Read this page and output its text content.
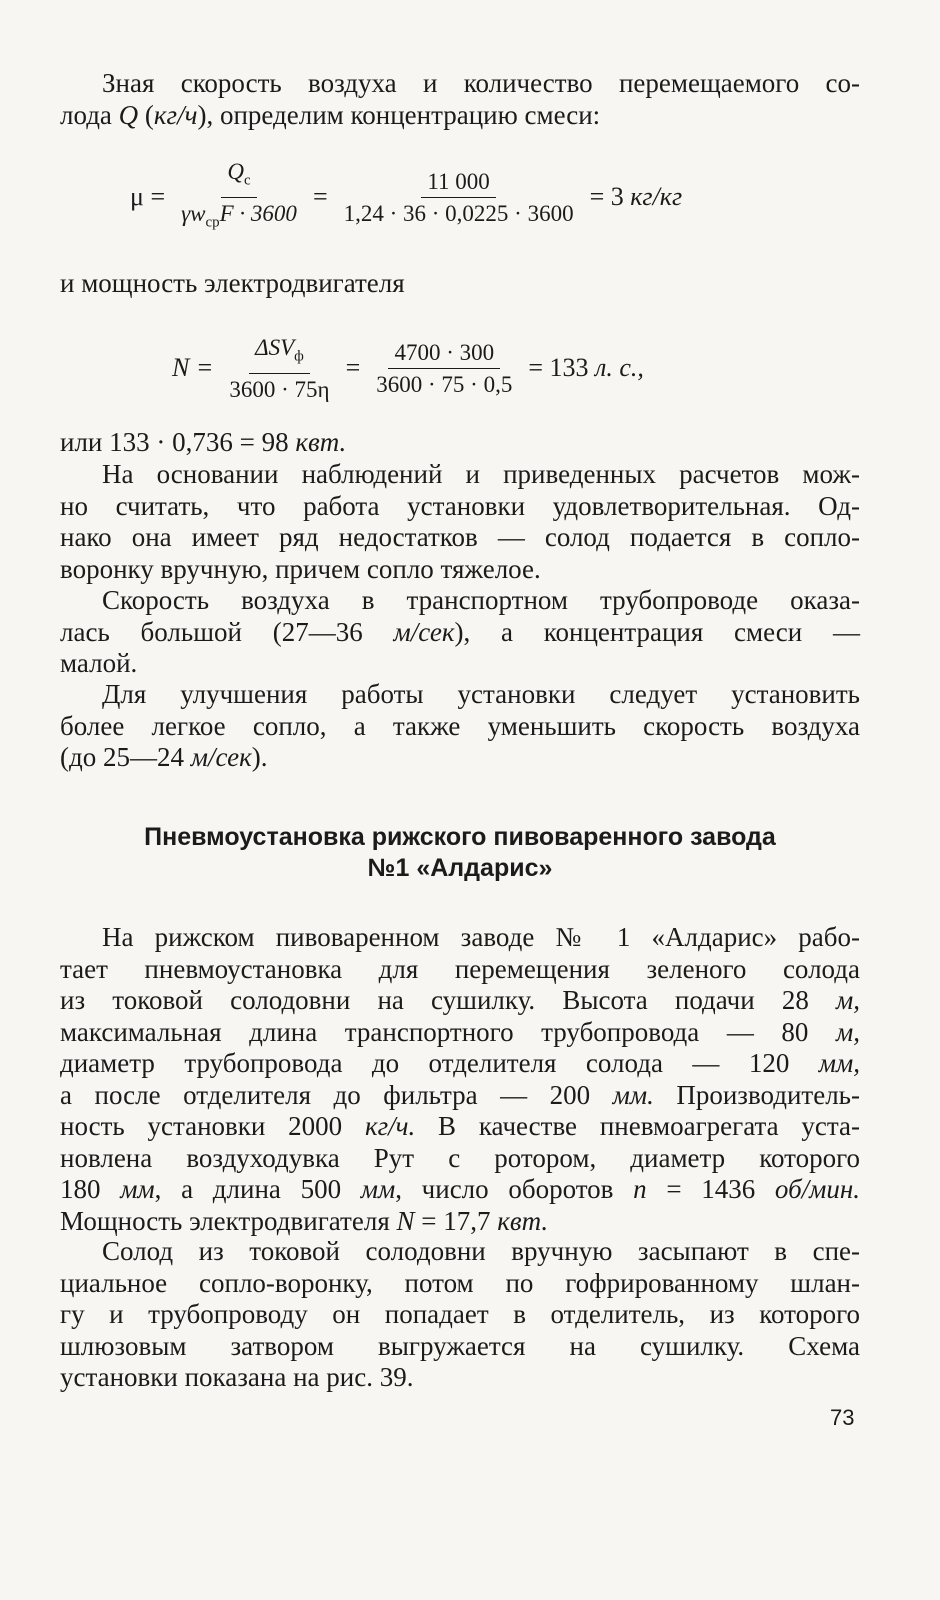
Зная скорость воздуха и количество перемещаемого со-
лода Q (кг/ч), определим концентрацию смеси:
$\mu = \frac{Q_с}{\gamma w_{ср}F \cdot 3600} = \frac{11 000}{1,24 \cdot 36 \cdot 0,0225 \cdot 3600} = 3$
кг/кг
и мощность электродвигателя
$N = \frac{\Delta SV_ф}{3600 \cdot 75\eta} = \frac{4700 \cdot 300}{3600 \cdot 75 \cdot 0,5} = 133$
л. с.,
или 133 · 0,736 = 98 квт.
На основании наблюдений и приведенных расчетов мож-
но считать, что работа установки удовлетворительная. Од-
нако она имеет ряд недостатков — солод подается в сопло-
воронку вручную, причем сопло тяжелое.
Скорость воздуха в транспортном трубопроводе оказа-
лась большой (27—36 м/сек), а концентрация смеси —
малой.
Для улучшения работы установки следует установить
более легкое сопло, а также уменьшить скорость воздуха
(до 25—24 м/сек).
Пневмоустановка рижского пивоваренного завода
№1 «Алдарис»
На рижском пивоваренном заводе № 1 «Алдарис» рабо-
тает пневмоустановка для перемещения зеленого солода
из токовой солодовни на сушилку. Высота подачи 28 м,
максимальная длина транспортного трубопровода — 80 м,
диаметр трубопровода до отделителя солода — 120 мм,
а после отделителя до фильтра — 200 мм. Производитель-
ность установки 2000 кг/ч. В качестве пневмоагрегата уста-
новлена воздуходувка Рут с ротором, диаметр которого
180 мм, а длина 500 мм, число оборотов n = 1436 об/мин.
Мощность электродвигателя N = 17,7 квт.
Солод из токовой солодовни вручную засыпают в спе-
циальное сопло-воронку, потом по гофрированному шлан-
гу и трубопроводу он попадает в отделитель, из которого
шлюзовым затвором выгружается на сушилку. Схема
установки показана на рис. 39.
73
